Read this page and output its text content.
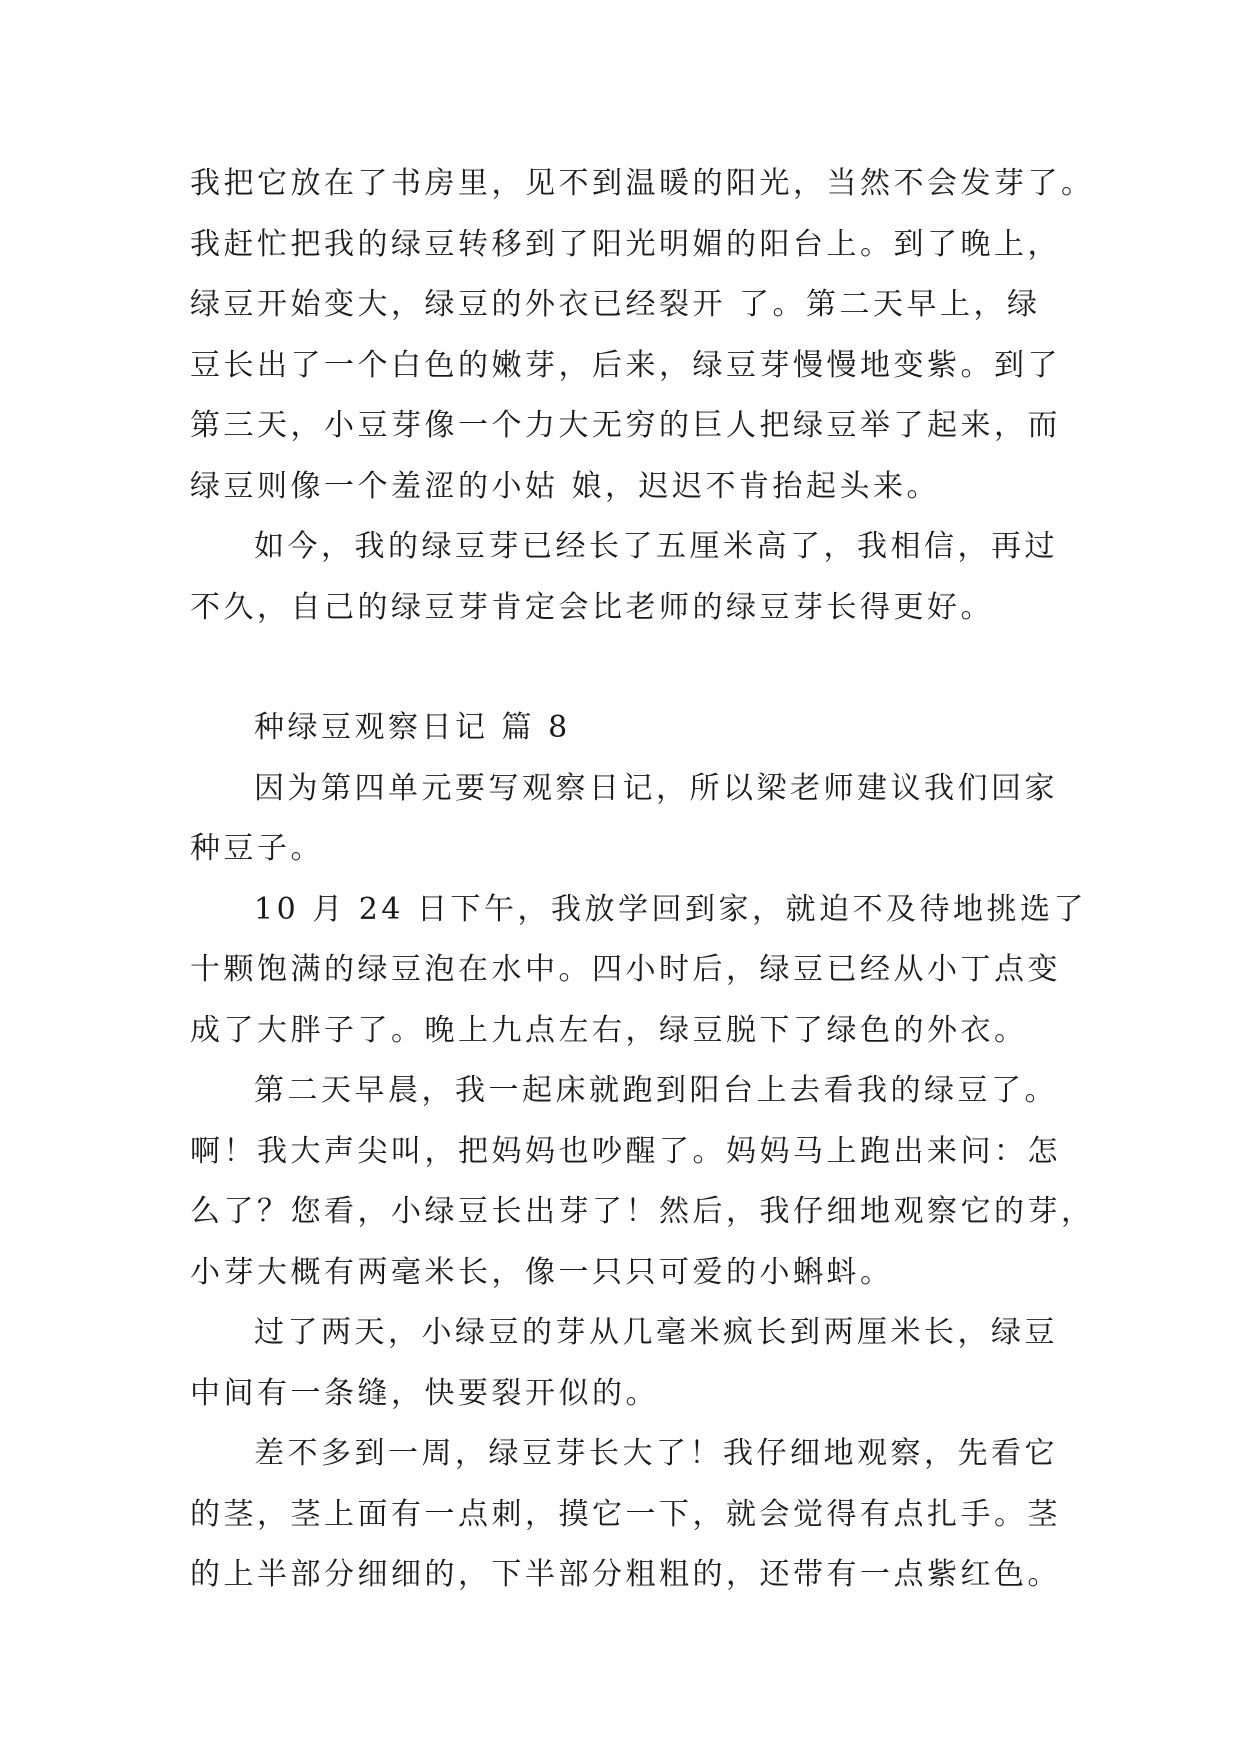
我把它放在了书房里，见不到温暖的阳光，当然不会发芽了。
我赶忙把我的绿豆转移到了阳光明媚的阳台上。到了晚上，
绿豆开始变大，绿豆的外衣已经裂开 了。第二天早上，绿
豆长出了一个白色的嫩芽，后来，绿豆芽慢慢地变紫。到了
第三天，小豆芽像一个力大无穷的巨人把绿豆举了起来，而
绿豆则像一个羞涩的小姑 娘，迟迟不肯抬起头来。
如今，我的绿豆芽已经长了五厘米高了，我相信，再过
不久，自己的绿豆芽肯定会比老师的绿豆芽长得更好。
种绿豆观察日记 篇 8
因为第四单元要写观察日记，所以梁老师建议我们回家
种豆子。
10 月 24 日下午，我放学回到家，就迫不及待地挑选了
十颗饱满的绿豆泡在水中。四小时后，绿豆已经从小丁点变
成了大胖子了。晚上九点左右，绿豆脱下了绿色的外衣。
第二天早晨，我一起床就跑到阳台上去看我的绿豆了。
啊！我大声尖叫，把妈妈也吵醒了。妈妈马上跑出来问：怎
么了？您看，小绿豆长出芽了！然后，我仔细地观察它的芽，
小芽大概有两毫米长，像一只只可爱的小蝌蚪。
过了两天，小绿豆的芽从几毫米疯长到两厘米长，绿豆
中间有一条缝，快要裂开似的。
差不多到一周，绿豆芽长大了！我仔细地观察，先看它
的茎，茎上面有一点刺，摸它一下，就会觉得有点扎手。茎
的上半部分细细的，下半部分粗粗的，还带有一点紫红色。
